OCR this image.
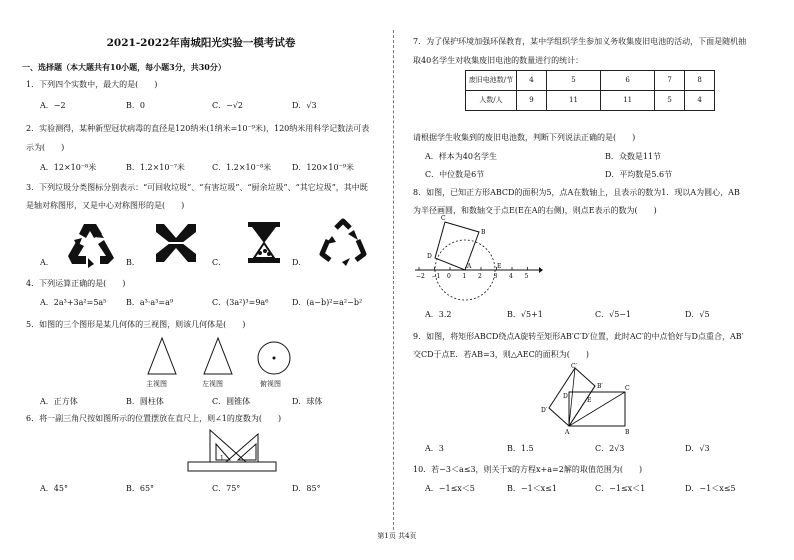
2021-2022年南城阳光实验一模考试卷
一、选择题（本大题共有10小题，每小题3分，共30分）
1．下列四个实数中，最大的是(　　)
A．−2	B．0	C．−√2	D．√3
2．实验测得，某种新型冠状病毒的直径是120纳米(1纳米=10⁻⁹米)，120纳米用科学记数法可表
示为(　　)
A．12×10⁻⁸米	B．1.2×10⁻⁷米	C．1.2×10⁻⁸米	D．120×10⁻⁹米
3．下列垃圾分类图标分别表示：“可回收垃圾”、“有害垃圾”、“厨余垃圾”、“其它垃圾”，其中既
是轴对称图形，又是中心对称图形的是(　　)
A．	B．	C．	D．
4．下列运算正确的是(　　)
A．2a³+3a²=5a⁵ B．a³·a³=a⁹	C．(3a²)³=9a⁶	D．(a−b)²=a²−b²
5．如图的三个图形是某几何体的三视图，则该几何体是(　　)
主视图	左视图	俯视图
A．正方体	B．圆柱体	C．圆锥体	D．球体
6．将一副三角尺按如图所示的位置摆放在直尺上，则∠1的度数为(　　)
1
A．45°	B．65°	C．75°	D．85°
7．为了保护环境加强环保教育，某中学组织学生参加义务收集废旧电池的活动，下面是随机抽
取40名学生对收集废旧电池的数量进行的统计：
废旧电池数/节	4	5	6	7	8
人数/人	9	11	11	5	4
请根据学生收集到的废旧电池数，判断下列说法正确的是(　　)
A．样本为40名学生	B．众数是11节
C．中位数是6节	D．平均数是5.6节
8．如图，已知正方形ABCD的面积为5，点A在数轴上，且表示的数为1．现以A为圆心，AB
为半径画圆，和数轴交于点E(E在A的右侧)，则点E表示的数为(　　)
−2 −1 0 1 2 3 4 5
B
C
D
A	E
A．3.2	B．√5+1	C．√5−1	D．√5
9．如图，将矩形ABCD绕点A旋转至矩形AB′C′D′位置，此时AC′的中点恰好与D点重合，AB′
交CD于点E．若AB=3，则△AEC的面积为(　　)
C′
B′
D
E
C
D′
A	B
A．3	B．1.5	C．2√3	D．√3
10．若−3＜a≤3，则关于x的方程x+a=2解的取值范围为(　　)
A．−1≤x＜5	B．−1＜x≤1	C．−1≤x＜1	D．−1＜x≤5
第1页 共4页
